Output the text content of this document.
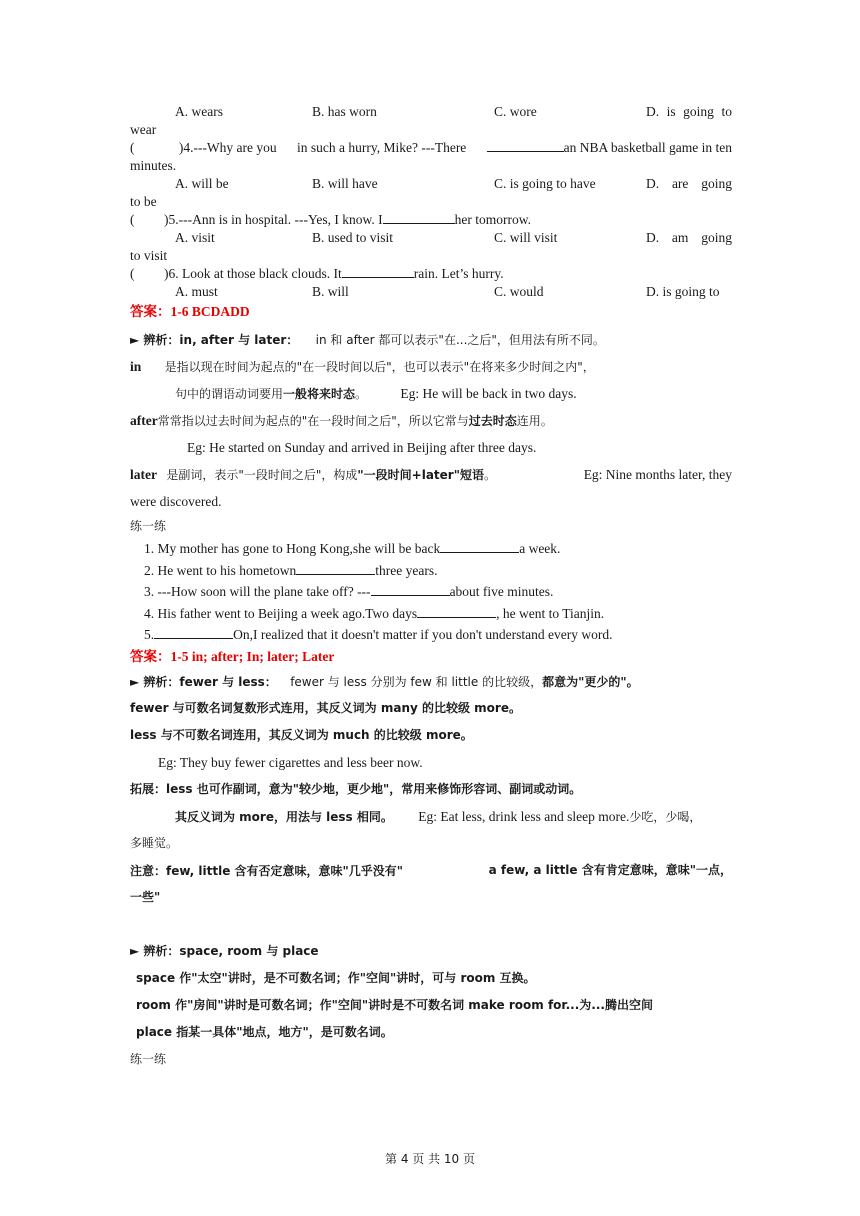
A. wears	B. has worn	C. wore	D. is going to
wear
(	)4.---Why are you in such a hurry, Mike? ---There	an NBA basketball game in ten
minutes.
A. will be	B. will have	C. is going to have	D. are going
to be
( )5.---Ann is in hospital. ---Yes, I know. I	her tomorrow.
A. visit	B. used to visit	C. will visit	D. am going
to visit
( )6. Look at those black clouds. It	rain. Let’s hurry.
A. must	B. will	C. would	D. is going to
答案：1-6 BCDADD
► 辨析：in, after 与 later： in 和 after 都可以表示"在...之后"，但用法有所不同。
in 是指以现在时间为起点的"在一段时间以后"，也可以表示"在将来多少时间之内"，
句中的谓语动词要用一般将来时态。 Eg: He will be back in two days.
after常常指以过去时间为起点的"在一段时间之后"，所以它常与过去时态连用。
Eg: He started on Sunday and arrived in Beijing after three days.
later 是副词，表示"一段时间之后"，构成"一段时间+later"短语。	Eg: Nine months later, they
were discovered.
练一练
1. My mother has gone to Hong Kong,she will be back	a week.
2. He went to his hometown	three years.
3. ---How soon will the plane take off? ---	about five minutes.
4. His father went to Beijing a week ago.Two days	, he went to Tianjin.
5.	On,I realized that it doesn't matter if you don't understand every word.
答案：1-5 in; after; In; later; Later
► 辨析：fewer 与 less： fewer 与 less 分别为 few 和 little 的比较级，都意为"更少的"。
fewer 与可数名词复数形式连用，其反义词为 many 的比较级 more。
less 与不可数名词连用，其反义词为 much 的比较级 more。
Eg: They buy fewer cigarettes and less beer now.
拓展：less 也可作副词，意为"较少地，更少地"，常用来修饰形容词、副词或动词。
其反义词为 more，用法与 less 相同。 Eg: Eat less, drink less and sleep more.少吃，少喝，
多睡觉。
注意：few, little 含有否定意味，意味"几乎没有"	a few, a little 含有肯定意味，意味"一点，
一些"
► 辨析：space, room 与 place
space 作"太空"讲时，是不可数名词；作"空间"讲时，可与 room 互换。
room 作"房间"讲时是可数名词；作"空间"讲时是不可数名词 make room for...为...腾出空间
place 指某一具体"地点，地方"，是可数名词。
练一练
第 4 页 共 10 页
